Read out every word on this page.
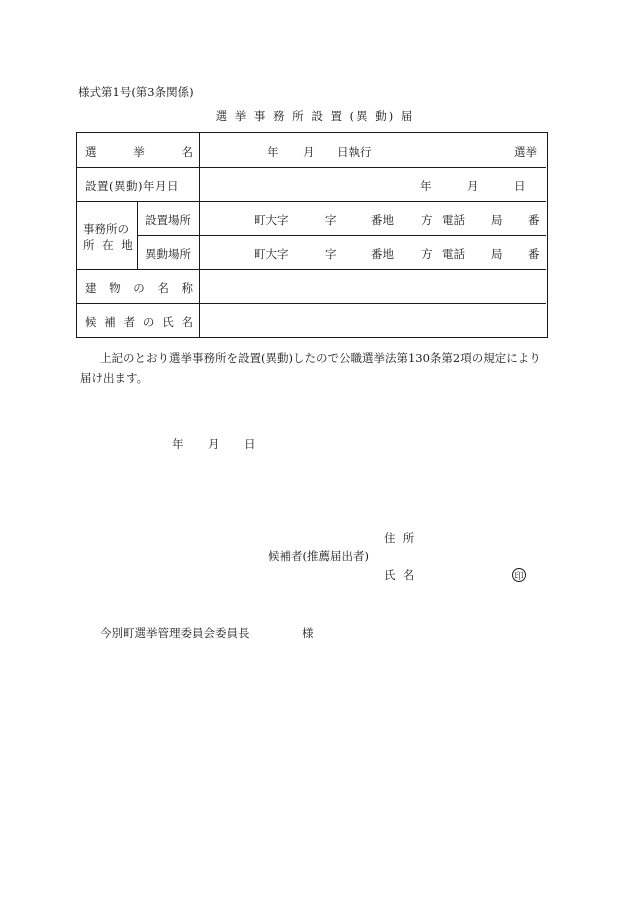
様式第1号(第3条関係)
選 挙 事 務 所 設 置 (異 動) 届
選	挙	名	年 月 日執行	選挙
設置(異動)年月日	年	月	日
事務所の
所 在 地
設置場所	町大字	字	番地 方 電話 局 番
異動場所	町大字	字	番地 方 電話 局 番
建 物 の 名 称
候 補 者 の 氏 名
上記のとおり選挙事務所を設置(異動)したので公職選挙法第130条第2項の規定により
届け出ます。
年 月 日
住  所
候補者(推薦届出者)
氏  名	印
今別町選挙管理委員会委員長	様
